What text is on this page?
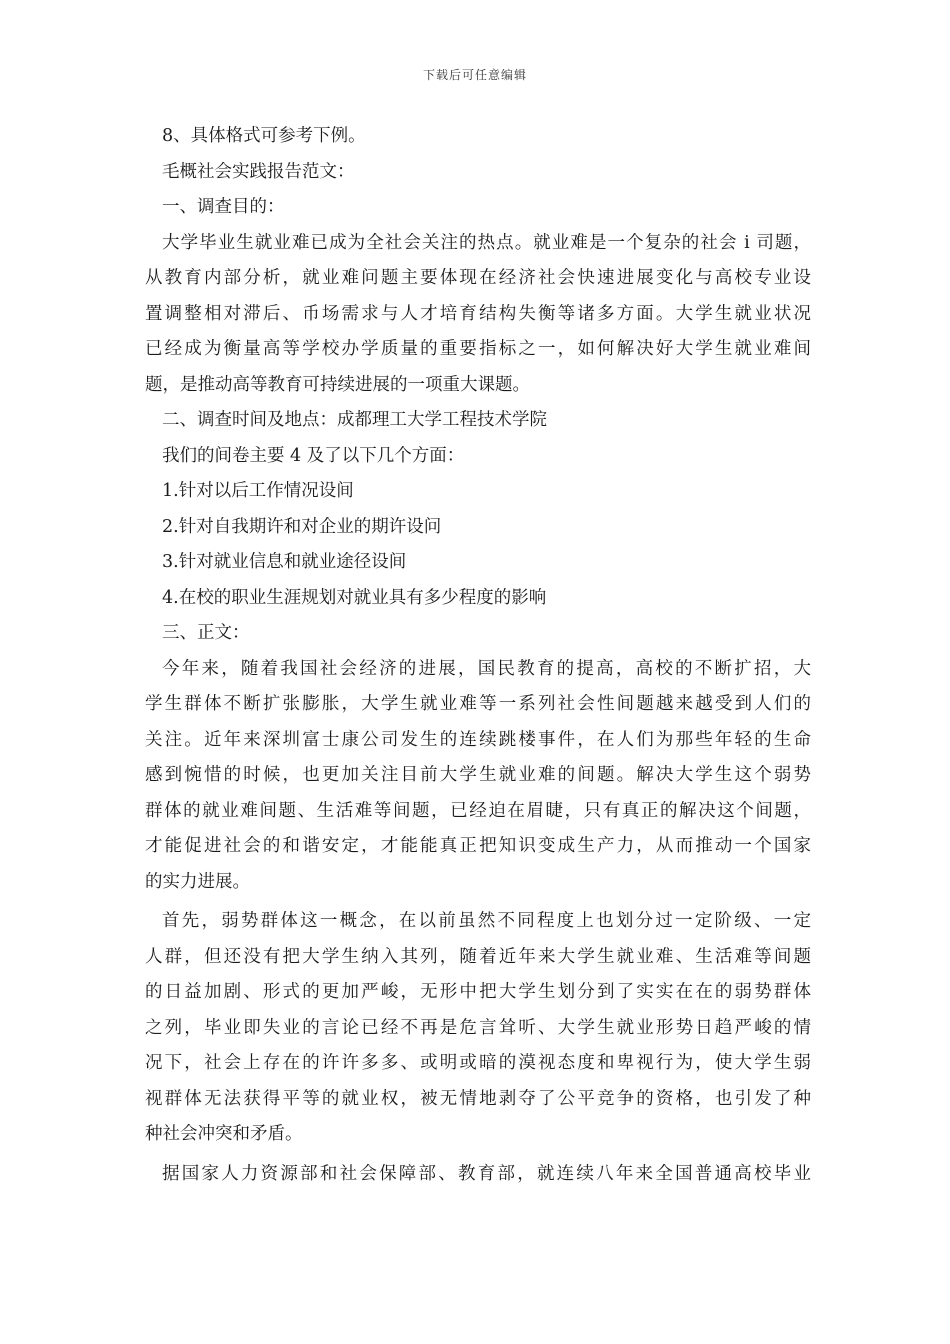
下载后可任意编辑
8、具体格式可参考下例。
毛概社会实践报告范文：
一、调查目的：
大学毕业生就业难已成为全社会关注的热点。就业难是一个复杂的社会 i 司题，
从教育内部分析，就业难问题主要体现在经济社会快速进展变化与高校专业设
置调整相对滞后、币场需求与人才培育结构失衡等诸多方面。大学生就业状况
已经成为衡量高等学校办学质量的重要指标之一，如何解决好大学生就业难间
题，是推动高等教育可持续进展的一项重大课题。
二、调查时间及地点：成都理工大学工程技术学院
我们的间卷主要 4 及了以下几个方面：
1.针对以后工作情况设间
2.针对自我期许和对企业的期许设问
3.针对就业信息和就业途径设间
4.在校的职业生涯规划对就业具有多少程度的影响
三、正文：
今年来，随着我国社会经济的进展，国民教育的提高，高校的不断扩招，大
学生群体不断扩张膨胀，大学生就业难等一系列社会性间题越来越受到人们的
关注。近年来深圳富士康公司发生的连续跳楼事件，在人们为那些年轻的生命
感到惋惜的时候，也更加关注目前大学生就业难的间题。解决大学生这个弱势
群体的就业难间题、生活难等间题，已经迫在眉睫，只有真正的解决这个间题，
才能促进社会的和谐安定，才能能真正把知识变成生产力，从而推动一个国家
的实力进展。
首先，弱势群体这一概念，在以前虽然不同程度上也划分过一定阶级、一定
人群，但还没有把大学生纳入其列，随着近年来大学生就业难、生活难等间题
的日益加剧、形式的更加严峻，无形中把大学生划分到了实实在在的弱势群体
之列，毕业即失业的言论已经不再是危言耸听、大学生就业形势日趋严峻的情
况下，社会上存在的许许多多、或明或暗的漠视态度和卑视行为，使大学生弱
视群体无法获得平等的就业权，被无情地剥夺了公平竞争的资格，也引发了种
种社会冲突和矛盾。
据国家人力资源部和社会保障部、教育部，就连续八年来全国普通高校毕业
